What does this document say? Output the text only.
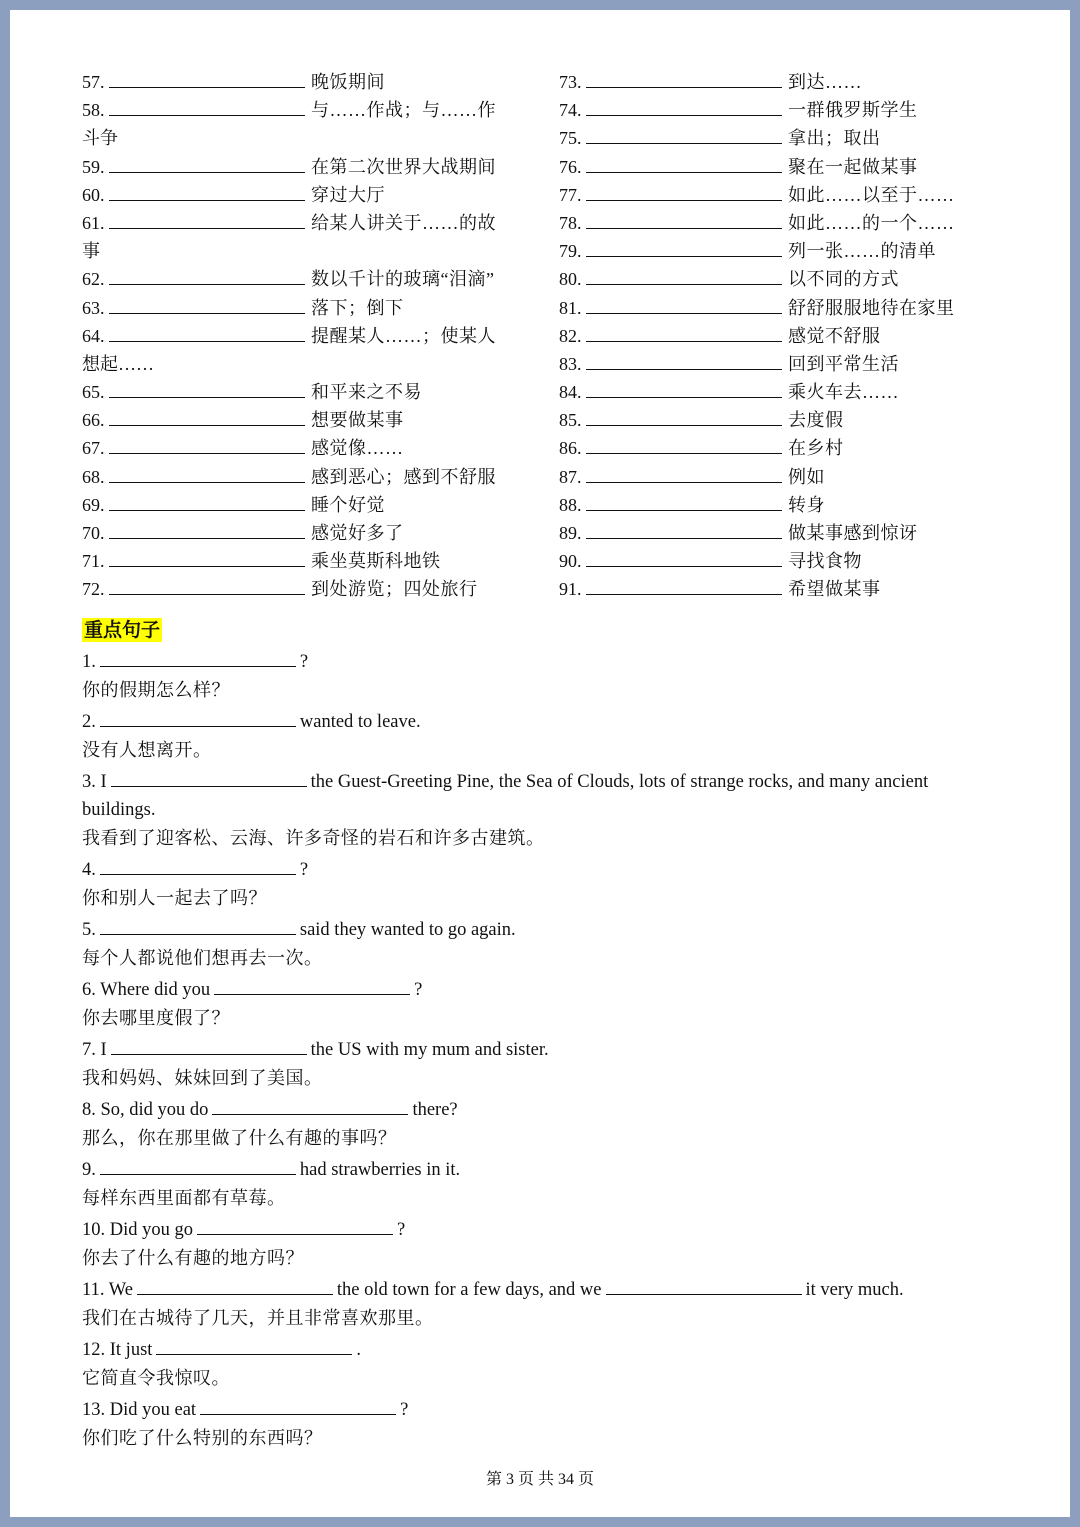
57.	晚饭期间
58.	与……作战；与……作
斗争
59.	在第二次世界大战期间
60.	穿过大厅
61.	给某人讲关于……的故
事
62.	数以千计的玻璃“泪滴”
63.	落下；倒下
64.	提醒某人……；使某人
想起……
65.	和平来之不易
66.	想要做某事
67.	感觉像……
68.	感到恶心；感到不舒服
69.	睡个好觉
70.	感觉好多了
71.	乘坐莫斯科地铁
72.	到处游览；四处旅行
73.	到达……
74.	一群俄罗斯学生
75.	拿出；取出
76.	聚在一起做某事
77.	如此……以至于……
78.	如此……的一个……
79.	列一张……的清单
80.	以不同的方式
81.	舒舒服服地待在家里
82.	感觉不舒服
83.	回到平常生活
84.	乘火车去……
85.	去度假
86.	在乡村
87.	例如
88.	转身
89.	做某事感到惊讶
90.	寻找食物
91.	希望做某事
重点句子
1.	?
你的假期怎么样？
2.	wanted to leave.
没有人想离开。
3. I	the Guest-Greeting Pine, the Sea of Clouds, lots of strange rocks, and many ancient buildings.
我看到了迎客松、云海、许多奇怪的岩石和许多古建筑。
4.	?
你和别人一起去了吗？
5.	said they wanted to go again.
每个人都说他们想再去一次。
6. Where did you	?
你去哪里度假了？
7. I	the US with my mum and sister.
我和妈妈、妹妹回到了美国。
8. So, did you do	there?
那么，你在那里做了什么有趣的事吗？
9.	had strawberries in it.
每样东西里面都有草莓。
10. Did you go	?
你去了什么有趣的地方吗？
11. We	the old town for a few days, and we	it very much.
我们在古城待了几天，并且非常喜欢那里。
12. It just	.
它简直令我惊叹。
13. Did you eat	?
你们吃了什么特别的东西吗？
第 3 页 共 34 页
